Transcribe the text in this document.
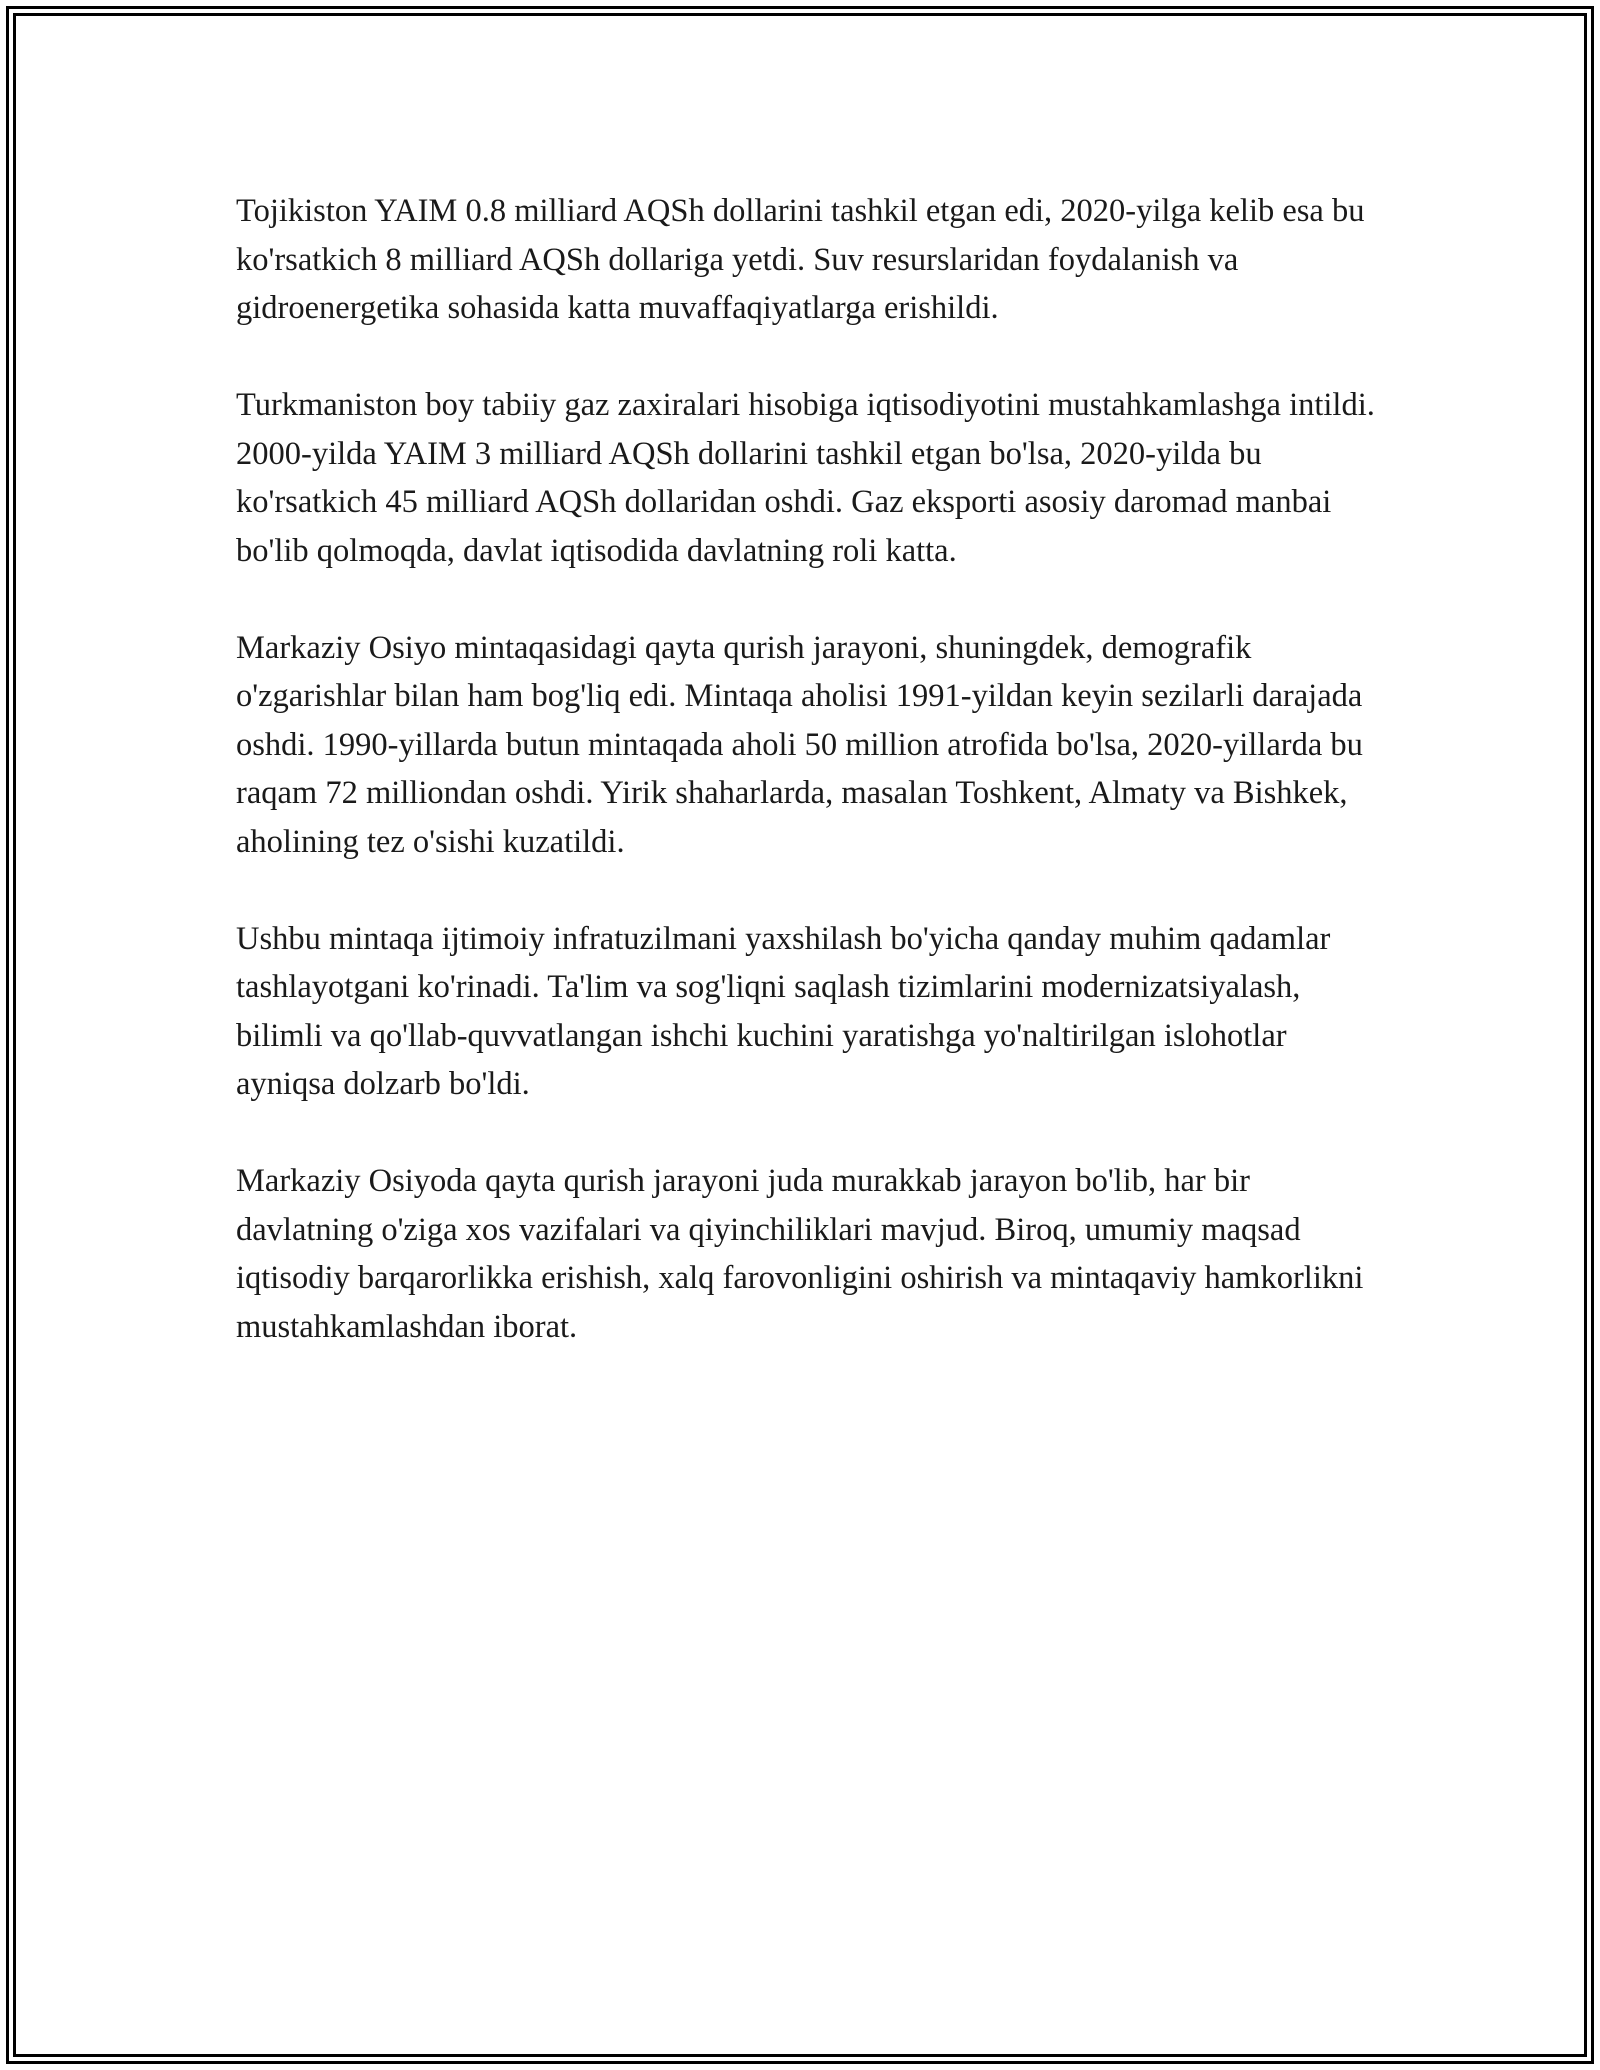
Tojikiston YAIM 0.8 milliard AQSh dollarini tashkil etgan edi, 2020-yilga kelib esa bu ko'rsatkich 8 milliard AQSh dollariga yetdi. Suv resurslaridan foydalanish va gidroenergetika sohasida katta muvaffaqiyatlarga erishildi.

Turkmaniston boy tabiiy gaz zaxiralari hisobiga iqtisodiyotini mustahkamlashga intildi. 2000-yilda YAIM 3 milliard AQSh dollarini tashkil etgan bo'lsa, 2020-yilda bu ko'rsatkich 45 milliard AQSh dollaridan oshdi. Gaz eksporti asosiy daromad manbai bo'lib qolmoqda, davlat iqtisodida davlatning roli katta.

Markaziy Osiyo mintaqasidagi qayta qurish jarayoni, shuningdek, demografik o'zgarishlar bilan ham bog'liq edi. Mintaqa aholisi 1991-yildan keyin sezilarli darajada oshdi. 1990-yillarda butun mintaqada aholi 50 million atrofida bo'lsa, 2020-yillarda bu raqam 72 milliondan oshdi. Yirik shaharlarda, masalan Toshkent, Almaty va Bishkek, aholining tez o'sishi kuzatildi.

Ushbu mintaqa ijtimoiy infratuzilmani yaxshilash bo'yicha qanday muhim qadamlar tashlayotgani ko'rinadi. Ta'lim va sog'liqni saqlash tizimlarini modernizatsiyalash, bilimli va qo'llab-quvvatlangan ishchi kuchini yaratishga yo'naltirilgan islohotlar ayniqsa dolzarb bo'ldi.

Markaziy Osiyoda qayta qurish jarayoni juda murakkab jarayon bo'lib, har bir davlatning o'ziga xos vazifalari va qiyinchiliklari mavjud. Biroq, umumiy maqsad iqtisodiy barqarorlikka erishish, xalq farovonligini oshirish va mintaqaviy hamkorlikni mustahkamlashdan iborat.
